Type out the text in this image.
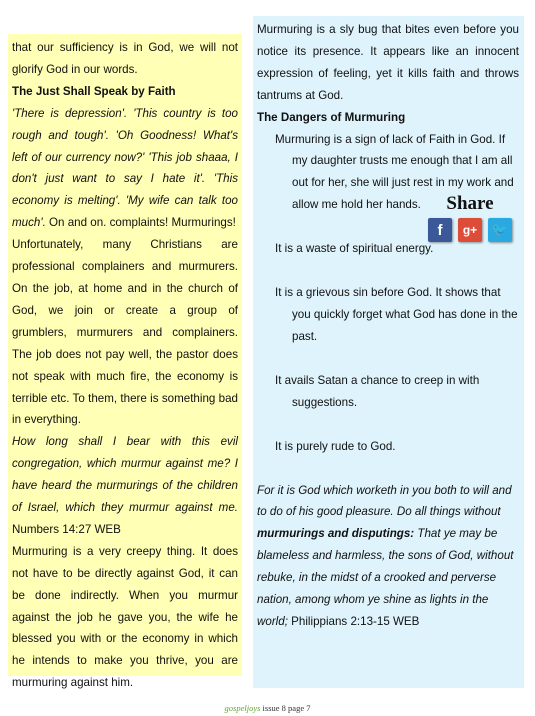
that our sufficiency is in God, we will not glorify God in our words.

The Just Shall Speak by Faith

'There is depression'. 'This country is too rough and tough'. 'Oh Goodness! What's left of our currency now?' 'This job shaaa, I don't just want to say I hate it'. 'This economy is melting'. 'My wife can talk too much'. On and on. complaints! Murmurings!

Unfortunately, many Christians are professional complainers and murmurers. On the job, at home and in the church of God, we join or create a group of grumblers, murmurers and complainers. The job does not pay well, the pastor does not speak with much fire, the economy is terrible etc. To them, there is something bad in everything.

How long shall I bear with this evil congregation, which murmur against me? I have heard the murmurings of the children of Israel, which they murmur against me. Numbers 14:27 WEB

Murmuring is a very creepy thing. It does not have to be directly against God, it can be done indirectly. When you murmur against the job he gave you, the wife he blessed you with or the economy in which he intends to make you thrive, you are murmuring against him.

Murmuring is a sly bug that bites even before you notice its presence. It appears like an innocent expression of feeling, yet it kills faith and throws tantrums at God.

The Dangers of Murmuring

Murmuring is a sign of lack of Faith in God. If my daughter trusts me enough that I am all out for her, she will just rest in my work and allow me hold her hands.

It is a waste of spiritual energy.

It is a grievous sin before God. It shows that you quickly forget what God has done in the past.

It avails Satan a chance to creep in with suggestions.

It is purely rude to God.

For it is God which worketh in you both to will and to do of his good pleasure. Do all things without murmurings and disputings: That ye may be blameless and harmless, the sons of God, without rebuke, in the midst of a crooked and perverse nation, among whom ye shine as lights in the world; Philippians 2:13-15 WEB

Share
f	g+	🐦
gospeljoys issue 8 page 7
